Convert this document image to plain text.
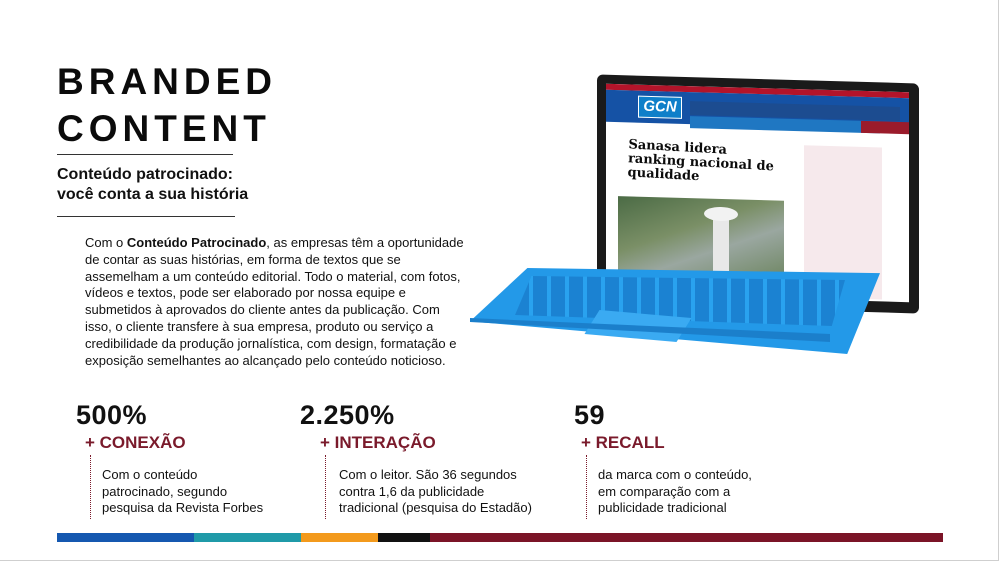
BRANDED
CONTENT
Conteúdo patrocinado:
você conta a sua história
Com o Conteúdo Patrocinado, as empresas têm a oportunidade de contar as suas histórias, em forma de textos que se assemelham a um conteúdo editorial. Todo o material, com fotos, vídeos e textos, pode ser elaborado por nossa equipe e submetidos à aprovados do cliente antes da publicação. Com isso, o cliente transfere à sua empresa, produto ou serviço a credibilidade da produção jornalística, com design, formatação e exposição semelhantes ao alcançado pelo conteúdo noticioso.
GCN
Sanasa lidera ranking nacional de qualidade
500%
+ CONEXÃO
Com o conteúdo
patrocinado, segundo
pesquisa da Revista Forbes
2.250%
+ INTERAÇÃO
Com o leitor. São 36 segundos
contra 1,6 da publicidade
tradicional (pesquisa do Estadão)
59
+ RECALL
da marca com o conteúdo,
em comparação com a
publicidade tradicional
